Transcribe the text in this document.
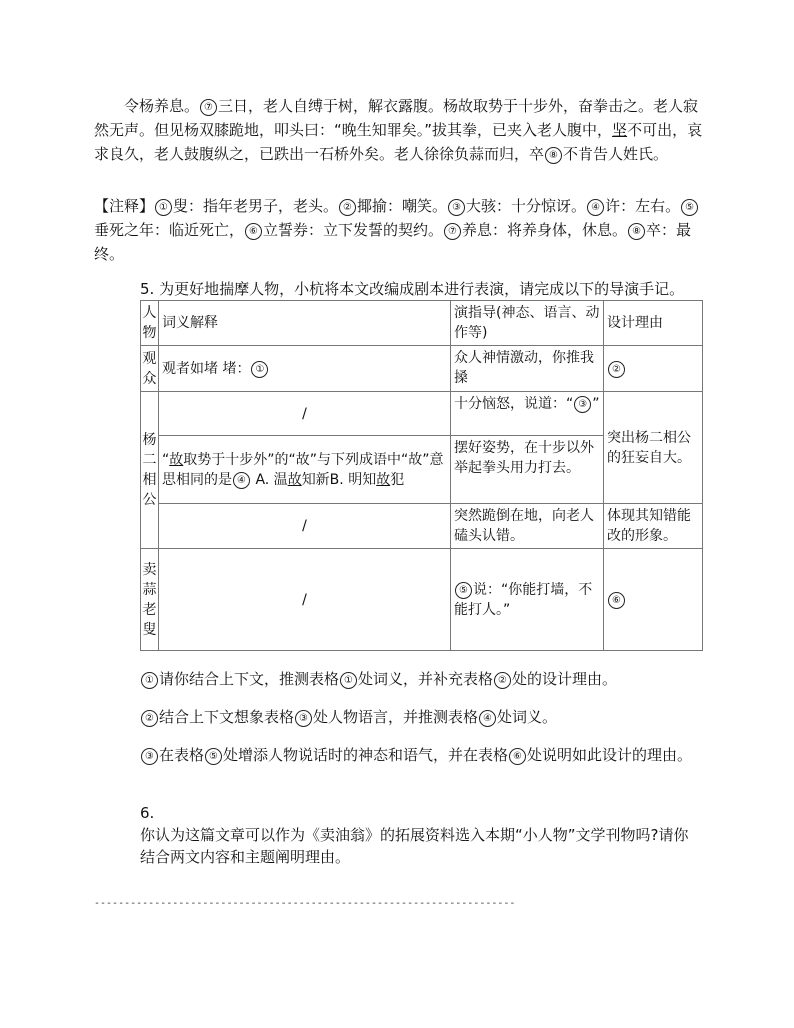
令杨养息。 ⑦ 三日，老人自缚于树，解衣露腹。杨故取势于十步外，奋拳击之。老人寂然无声。但见杨双膝跪地，叩头曰：“晚生知罪矣。”拔其拳，已夹入老人腹中，坚不可出，哀求良久，老人鼓腹纵之，已跌出一石桥外矣。老人徐徐负蒜而归，卒 ⑧ 不肯告人姓氏。

【注释】 ① 叟：指年老男子，老头。 ② 揶揄：嘲笑。 ③ 大骇：十分惊讶。 ④ 许：左右。 ⑤垂死之年：临近死亡， ⑥ 立誓券：立下发誓的契约。 ⑦ 养息：将养身体，休息。 ⑧ 卒：最终。

5. 为更好地揣摩人物，小杭将本文改编成剧本进行表演，请完成以下的导演手记。

人物	词义解释	演指导(神态、语言、动作等)	设计理由
观众	观者如堵 堵： ①	众人神情激动，你推我搡	②
杨二相公	/	十分恼怒，说道：“ ③ ”	突出杨二相公的狂妄自大。
	“故取势于十步外”的“故”与下列成语中“故”意思相同的是 ④ A. 温故知新B. 明知故犯	摆好姿势，在十步以外举起拳头用力打去。	
	/	突然跪倒在地，向老人磕头认错。	体现其知错能改的形象。
卖蒜老叟	/	⑤ 说：“你能打墙，不能打人。”	⑥

① 请你结合上下文，推测表格 ① 处词义，并补充表格 ② 处的设计理由。

② 结合上下文想象表格 ③ 处人物语言，并推测表格 ④ 处词义。

③ 在表格 ⑤ 处增添人物说话时的神态和语气，并在表格 ⑥ 处说明如此设计的理由。

6.
你认为这篇文章可以作为《卖油翁》的拓展资料选入本期“小人物”文学刊物吗?请你结合两文内容和主题阐明理由。

----------------------------------------------------------------------
